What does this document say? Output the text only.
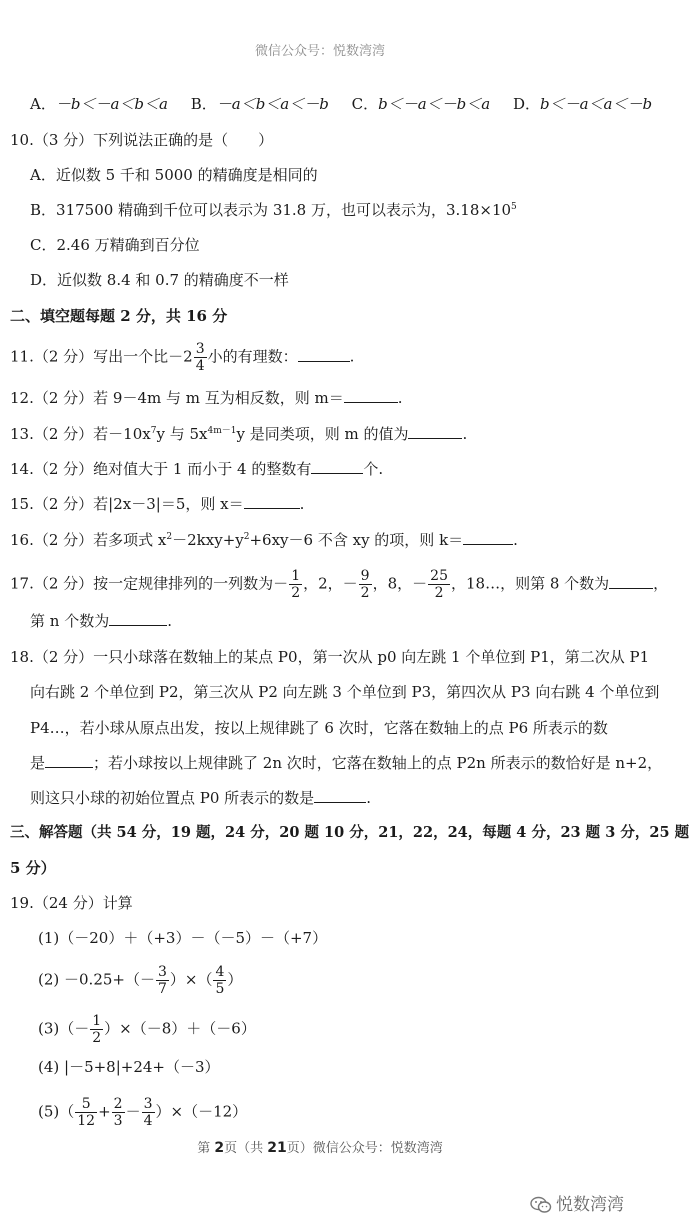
微信公众号：悦数湾湾
A．－b＜－a＜b＜a B．－a＜b＜a＜－b C．b＜－a＜－b＜a D．b＜－a＜a＜－b
10.（3 分）下列说法正确的是（　　）
A．近似数 5 千和 5000 的精确度是相同的
B．317500 精确到千位可以表示为 31.8 万，也可以表示为，$3.18\times 10^5$
C．2.46 万精确到百分位
D．近似数 8.4 和 0.7 的精确度不一样
二、填空题每题 2 分，共 16 分
11.（2 分）写出一个比$-2 \frac{3}{4}$ 小的有理数：	.
12.（2 分）若 9－4m 与 m 互为相反数，则 m＝	.
13.（2 分）若$-10x^7y$ 与 $5x^{4m-1}y$ 是同类项，则 m 的值为	.
14.（2 分）绝对值大于 1 而小于 4 的整数有	个.
15.（2 分）若|2x－3|＝5，则 x＝	.
16.（2 分）若多项式 $x^2-2kxy+y^2+6xy-6$ 不含 xy 的项，则 k＝	.
17.（2 分）按一定规律排列的一列数为－ $\frac{1}{2}$ ，2，－ $\frac{9}{2}$ ，8，－ $\frac{25}{2}$ ，18…，则第 8 个数为	，
第 n 个数为	.
18.（2 分）一只小球落在数轴上的某点 P0，第一次从 p0 向左跳 1 个单位到 P1，第二次从 P1
向右跳 2 个单位到 P2，第三次从 P2 向左跳 3 个单位到 P3，第四次从 P3 向右跳 4 个单位到
P4…，若小球从原点出发，按以上规律跳了 6 次时，它落在数轴上的点 P6 所表示的数
是	；若小球按以上规律跳了 2n 次时，它落在数轴上的点 P2n 所表示的数恰好是 n+2，
则这只小球的初始位置点 P0 所表示的数是	.
三、解答题（共 54 分，19 题，24 分，20 题 10 分，21，22，24，每题 4 分，23 题 3 分，25 题
5 分）
19.（24 分）计算
(1)（－20）＋（+3）－（－5）－（+7）
$(2) -0.25+(- \frac{3}{7}$ ）×（ $\frac{4}{5}$ ）
$(3)(- \frac{1}{2} )\times(-8)+(-6)$
(4) |－5+8|+24+（－3）
$(5)( \frac{5}{12} + \frac{2}{3} - \frac{3}{4} )\times(-12)$
第 2页（共 21页）微信公众号：悦数湾湾
悦数湾湾
